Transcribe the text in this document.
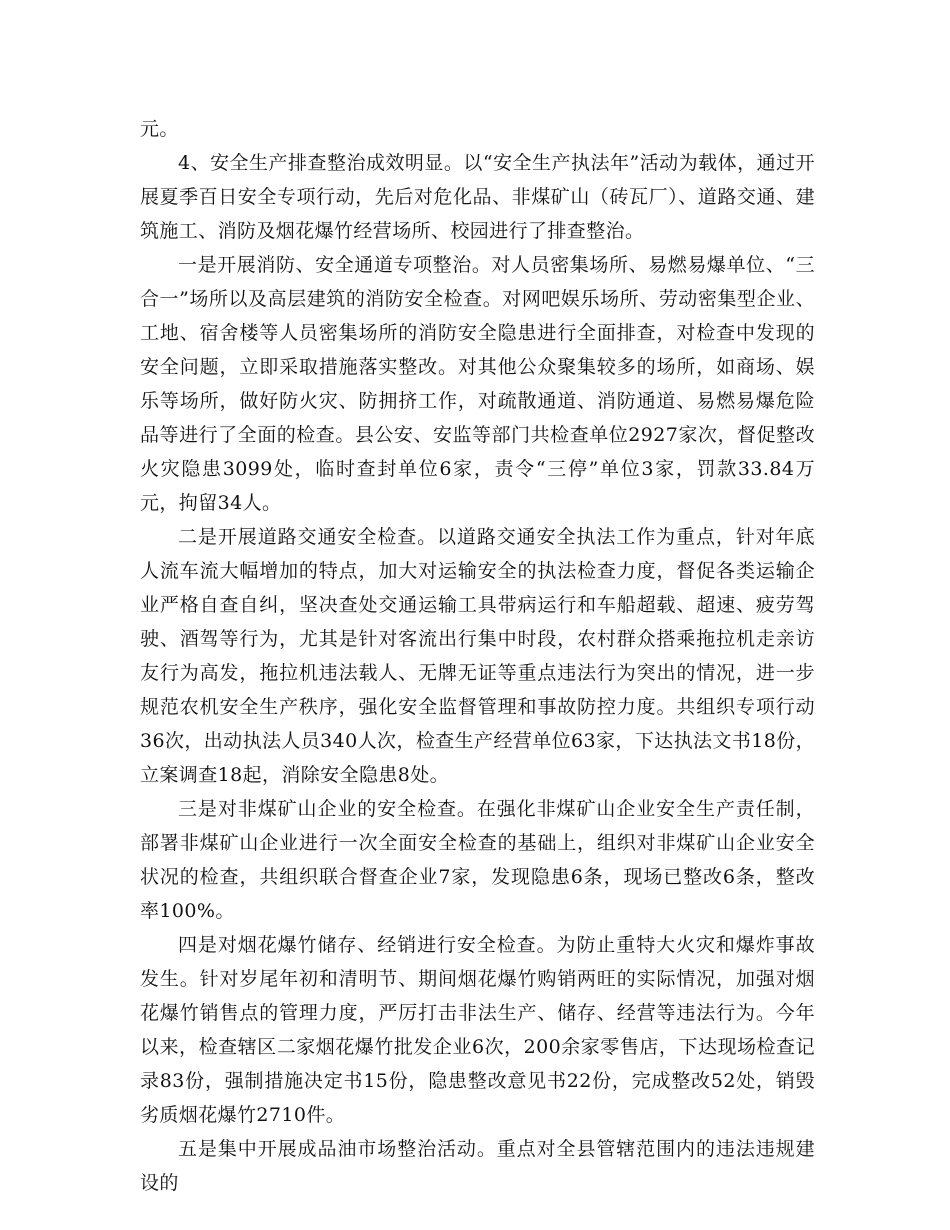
元。

4、安全生产排查整治成效明显。以“安全生产执法年”活动为载体，通过开展夏季百日安全专项行动，先后对危化品、非煤矿山（砖瓦厂）、道路交通、建筑施工、消防及烟花爆竹经营场所、校园进行了排查整治。

一是开展消防、安全通道专项整治。对人员密集场所、易燃易爆单位、“三合一”场所以及高层建筑的消防安全检查。对网吧娱乐场所、劳动密集型企业、工地、宿舍楼等人员密集场所的消防安全隐患进行全面排查，对检查中发现的安全问题，立即采取措施落实整改。对其他公众聚集较多的场所，如商场、娱乐等场所，做好防火灾、防拥挤工作，对疏散通道、消防通道、易燃易爆危险品等进行了全面的检查。县公安、安监等部门共检查单位2927家次，督促整改火灾隐患3099处，临时查封单位6家，责令“三停”单位3家，罚款33.84万元，拘留34人。

二是开展道路交通安全检查。以道路交通安全执法工作为重点，针对年底人流车流大幅增加的特点，加大对运输安全的执法检查力度，督促各类运输企业严格自查自纠，坚决查处交通运输工具带病运行和车船超载、超速、疲劳驾驶、酒驾等行为，尤其是针对客流出行集中时段，农村群众搭乘拖拉机走亲访友行为高发，拖拉机违法载人、无牌无证等重点违法行为突出的情况，进一步规范农机安全生产秩序，强化安全监督管理和事故防控力度。共组织专项行动36次，出动执法人员340人次，检查生产经营单位63家，下达执法文书18份，立案调查18起，消除安全隐患8处。

三是对非煤矿山企业的安全检查。在强化非煤矿山企业安全生产责任制，部署非煤矿山企业进行一次全面安全检查的基础上，组织对非煤矿山企业安全状况的检查，共组织联合督查企业7家，发现隐患6条，现场已整改6条，整改率100%。

四是对烟花爆竹储存、经销进行安全检查。为防止重特大火灾和爆炸事故发生。针对岁尾年初和清明节、期间烟花爆竹购销两旺的实际情况，加强对烟花爆竹销售点的管理力度，严厉打击非法生产、储存、经营等违法行为。今年以来，检查辖区二家烟花爆竹批发企业6次，200余家零售店，下达现场检查记录83份，强制措施决定书15份，隐患整改意见书22份，完成整改52处，销毁劣质烟花爆竹2710件。

五是集中开展成品油市场整治活动。重点对全县管辖范围内的违法违规建设的
